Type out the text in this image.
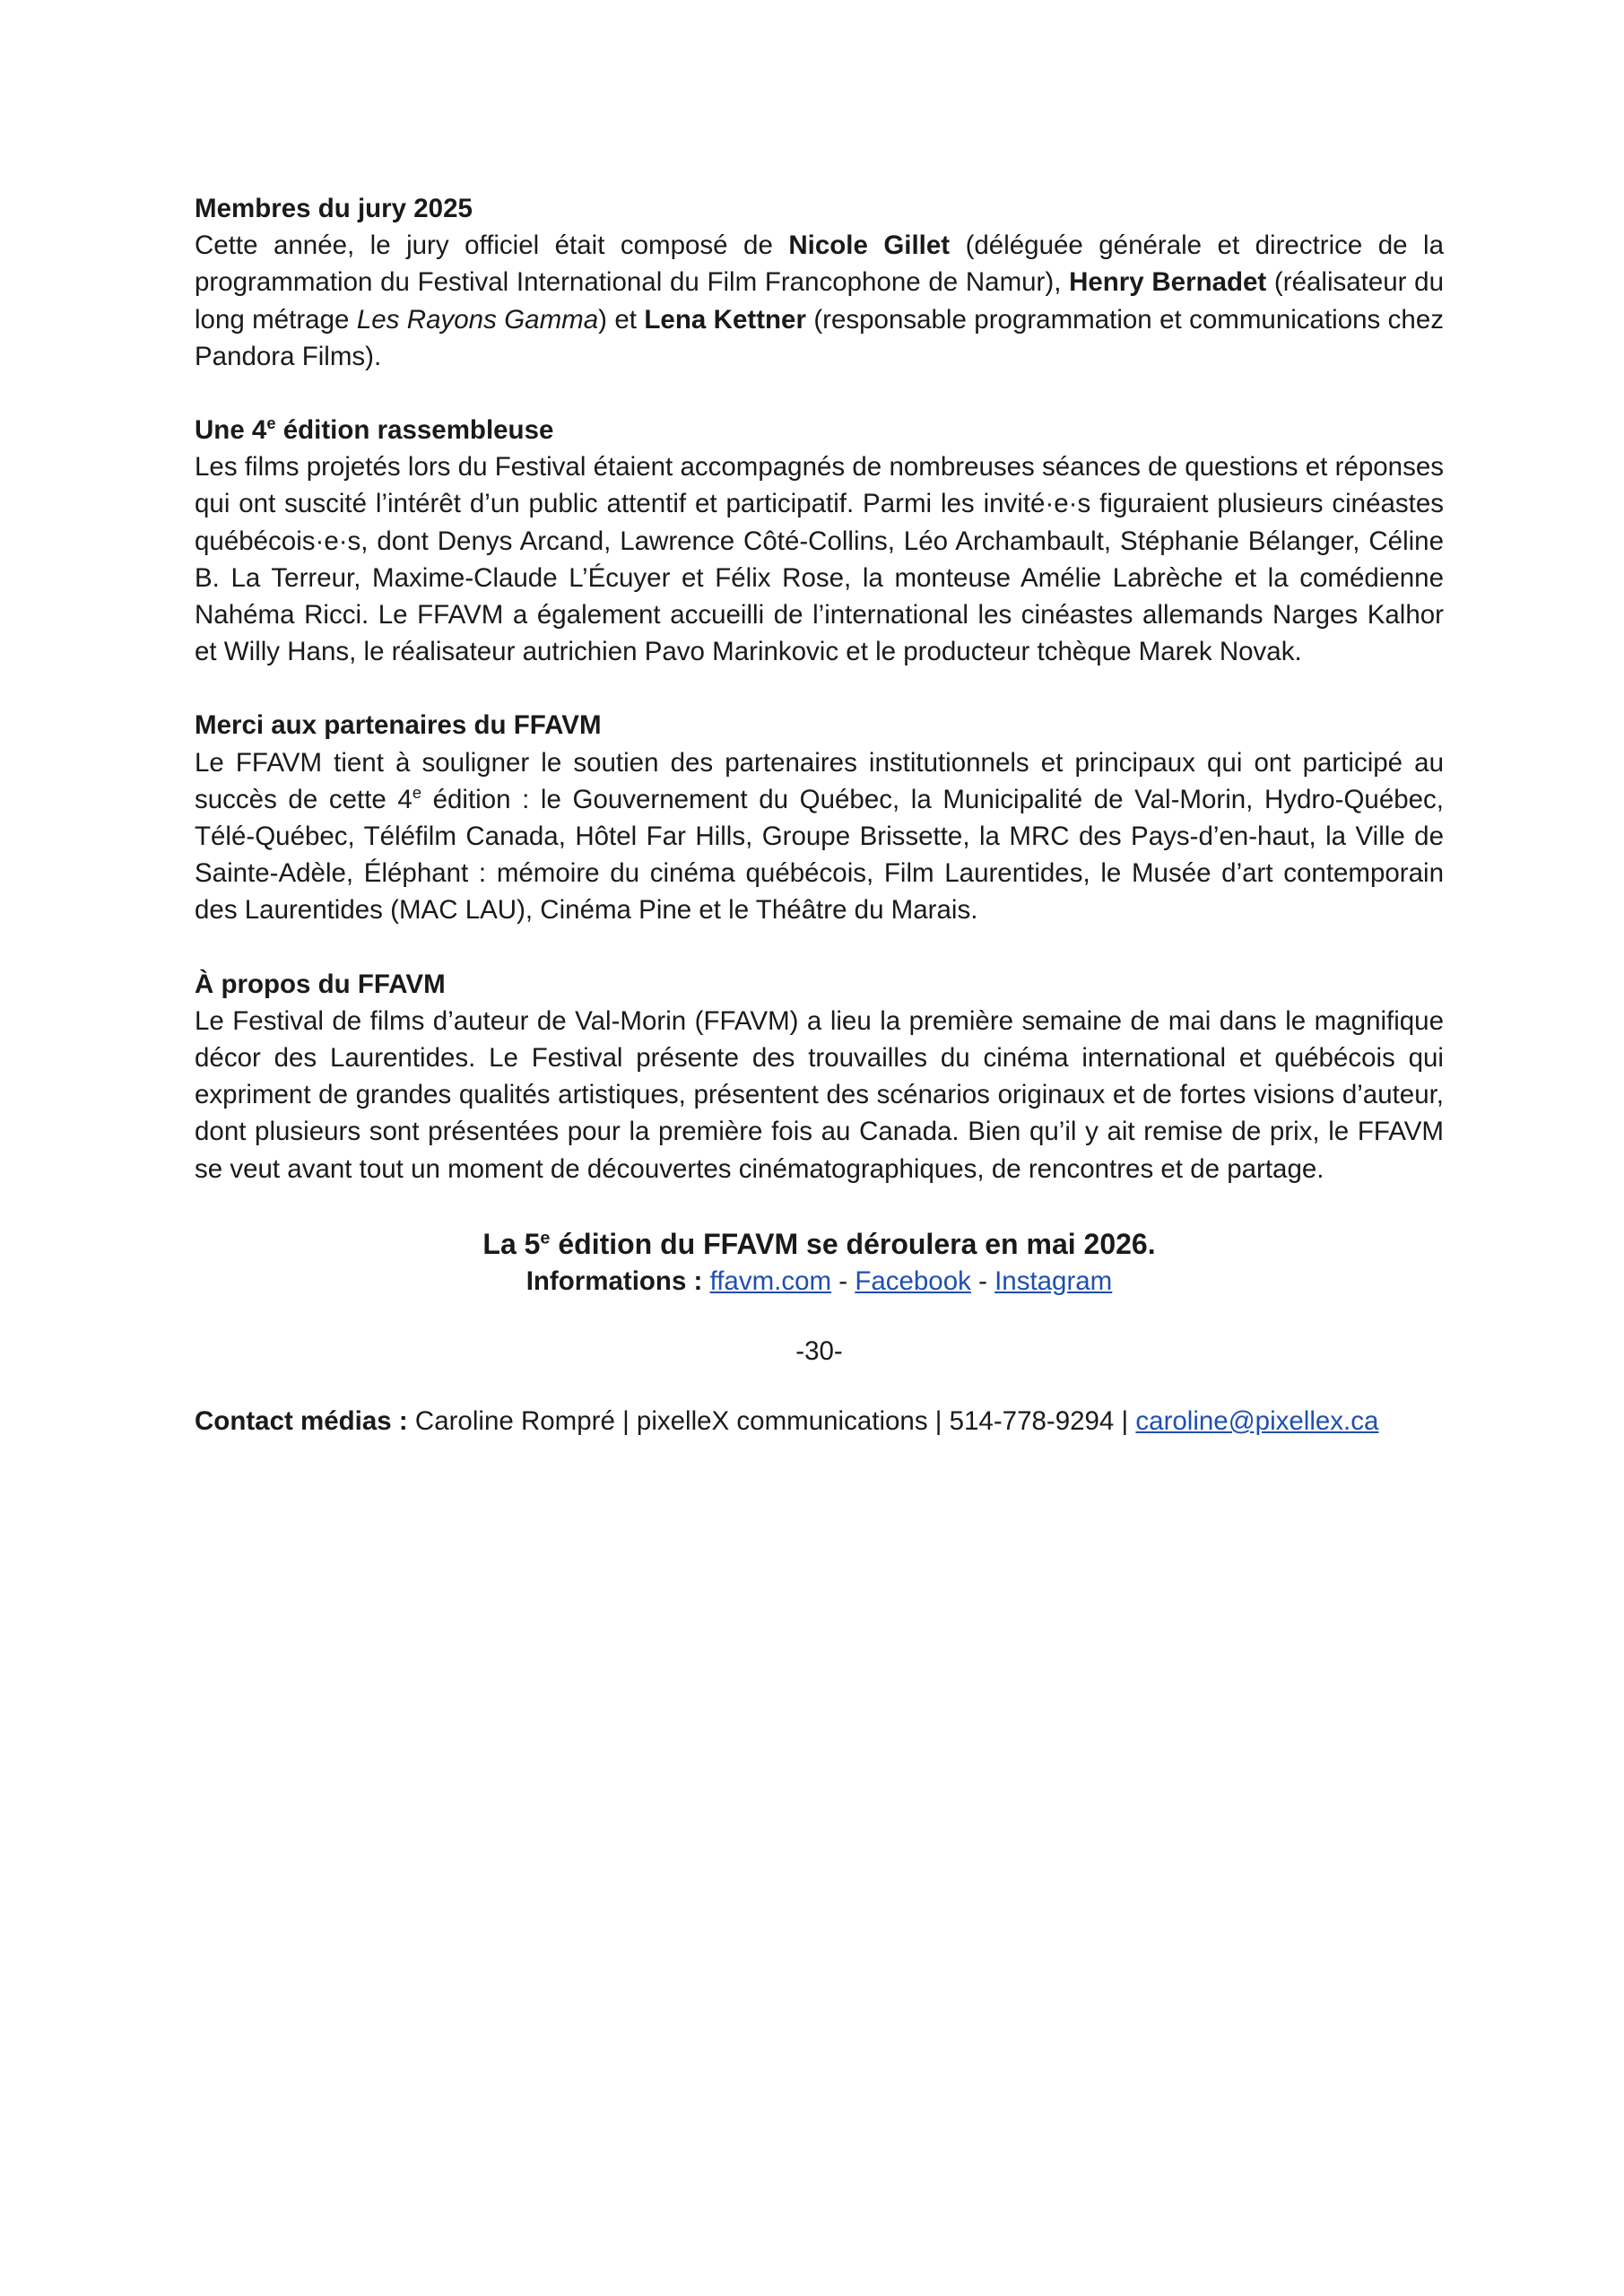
Membres du jury 2025
Cette année, le jury officiel était composé de Nicole Gillet (déléguée générale et directrice de la programmation du Festival International du Film Francophone de Namur), Henry Bernadet (réalisateur du long métrage Les Rayons Gamma) et Lena Kettner (responsable programmation et communications chez Pandora Films).
Une 4e édition rassembleuse
Les films projetés lors du Festival étaient accompagnés de nombreuses séances de questions et réponses qui ont suscité l’intérêt d’un public attentif et participatif. Parmi les invité·e·s figuraient plusieurs cinéastes québécois·e·s, dont Denys Arcand, Lawrence Côté-Collins, Léo Archambault, Stéphanie Bélanger, Céline B. La Terreur, Maxime-Claude L’Écuyer et Félix Rose, la monteuse Amélie Labrèche et la comédienne Nahéma Ricci. Le FFAVM a également accueilli de l’international les cinéastes allemands Narges Kalhor et Willy Hans, le réalisateur autrichien Pavo Marinkovic et le producteur tchèque Marek Novak.
Merci aux partenaires du FFAVM
Le FFAVM tient à souligner le soutien des partenaires institutionnels et principaux qui ont participé au succès de cette 4e édition : le Gouvernement du Québec, la Municipalité de Val-Morin, Hydro-Québec, Télé-Québec, Téléfilm Canada, Hôtel Far Hills, Groupe Brissette, la MRC des Pays-d’en-haut, la Ville de Sainte-Adèle, Éléphant : mémoire du cinéma québécois, Film Laurentides, le Musée d’art contemporain des Laurentides (MAC LAU), Cinéma Pine et le Théâtre du Marais.
À propos du FFAVM
Le Festival de films d’auteur de Val-Morin (FFAVM) a lieu la première semaine de mai dans le magnifique décor des Laurentides. Le Festival présente des trouvailles du cinéma international et québécois qui expriment de grandes qualités artistiques, présentent des scénarios originaux et de fortes visions d’auteur, dont plusieurs sont présentées pour la première fois au Canada. Bien qu’il y ait remise de prix, le FFAVM se veut avant tout un moment de découvertes cinématographiques, de rencontres et de partage.
La 5e édition du FFAVM se déroulera en mai 2026.
Informations : ffavm.com - Facebook - Instagram
-30-
Contact médias : Caroline Rompré | pixelleX communications | 514-778-9294 | caroline@pixellex.ca
